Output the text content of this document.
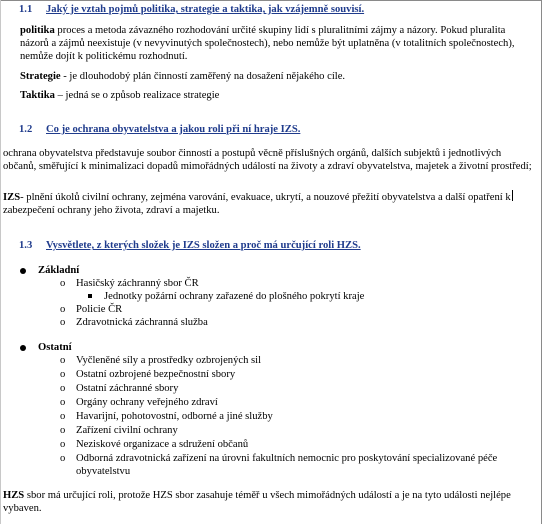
1.1 Jaký je vztah pojmů politika, strategie a taktika, jak vzájemně souvisí.
politika proces a metoda závazného rozhodování určité skupiny lidí s pluralitními zájmy a názory. Pokud pluralita názorů a zájmů neexistuje (v nevyvinutých společnostech), nebo nemůže být uplatněna (v totalitních společnostech), nemůže dojít k politickému rozhodnutí.
Strategie - je dlouhodobý plán činností zaměřený na dosažení nějakého cíle.
Taktika – jedná se o způsob realizace strategie
1.2 Co je ochrana obyvatelstva a jakou roli při ní hraje IZS.
ochrana obyvatelstva představuje soubor činností a postupů věcně příslušných orgánů, dalších subjektů i jednotlivých občanů, směřující k minimalizaci dopadů mimořádných událostí na životy a zdraví obyvatelstva, majetek a životní prostředí;
IZS- plnění úkolů civilní ochrany, zejména varování, evakuace, ukrytí, a nouzové přežití obyvatelstva a další opatření kzabezpečení ochrany jeho života, zdraví a majetku.
1.3 Vysvětlete, z kterých složek je IZS složen a proč má určující roli HZS.
Základní
o Hasičský záchranný sbor ČR
Jednotky požární ochrany zařazené do plošného pokrytí kraje
o Policie ČR
o Zdravotnická záchranná služba
Ostatní
o Vyčleněné síly a prostředky ozbrojených sil
o Ostatní ozbrojené bezpečnostní sbory
o Ostatní záchranné sbory
o Orgány ochrany veřejného zdraví
o Havarijní, pohotovostní, odborné a jiné služby
o Zařízení civilní ochrany
o Neziskové organizace a sdružení občanů
o Odborná zdravotnická zařízení na úrovni fakultních nemocnic pro poskytování specializované péče obyvatelstvu
HZS sbor má určující roli, protože HZS sbor zasahuje téměř u všech mimořádných událostí a je na tyto události nejlépe vybaven.
